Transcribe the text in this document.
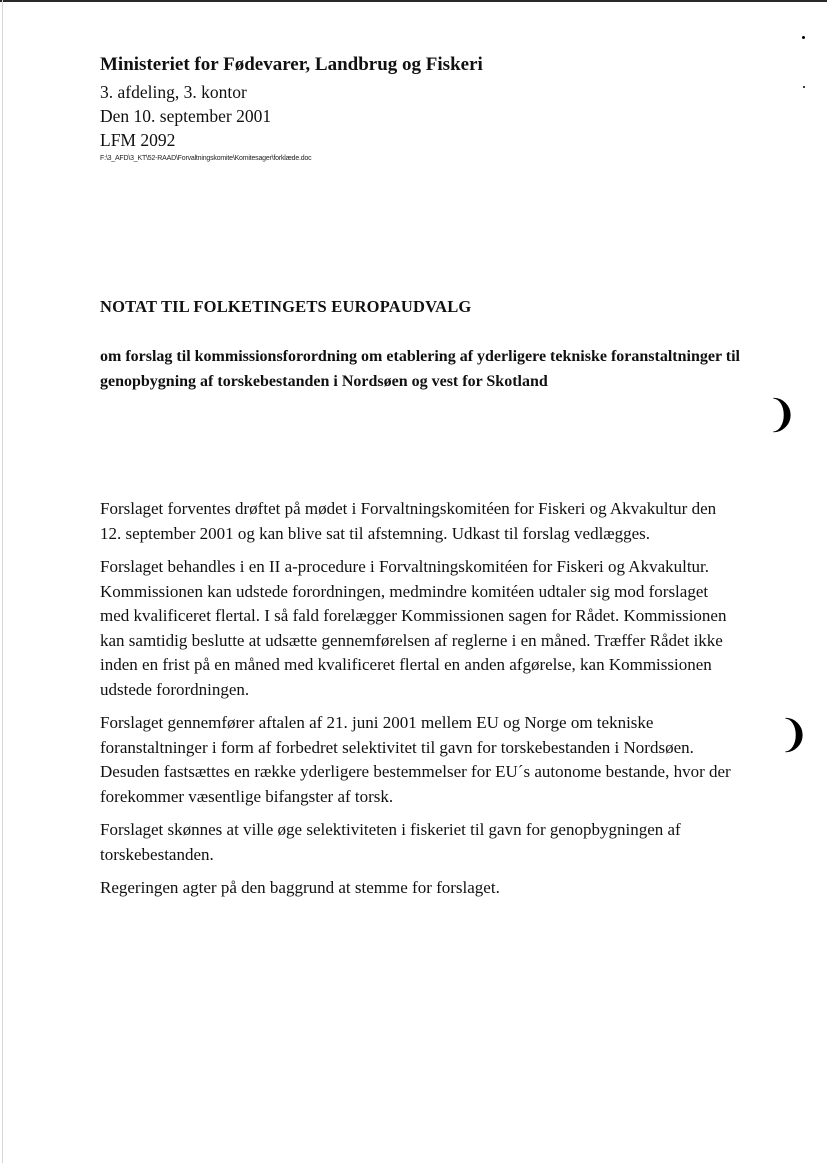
Ministeriet for Fødevarer, Landbrug og Fiskeri
3. afdeling, 3. kontor
Den 10. september 2001
LFM 2092
F:\3_AFD\3_KT\52-RAAD\Forvaltningskomite\Komitesager\forklæde.doc
NOTAT TIL FOLKETINGETS EUROPAUDVALG
om forslag til kommissionsforordning om etablering af yderligere tekniske foranstaltninger til genopbygning af torskebestanden i Nordsøen og vest for Skotland

Forslaget forventes drøftet på mødet i Forvaltningskomitéen for Fiskeri og Akvakultur den 12. september 2001 og kan blive sat til afstemning. Udkast til forslag vedlægges.

Forslaget behandles i en II a-procedure i Forvaltningskomitéen for Fiskeri og Akvakultur. Kommissionen kan udstede forordningen, medmindre komitéen udtaler sig mod forslaget med kvalificeret flertal. I så fald forelægger Kommissionen sagen for Rådet. Kommissionen kan samtidig beslutte at udsætte gennemførelsen af reglerne i en måned. Træffer Rådet ikke inden en frist på en måned med kvalificeret flertal en anden afgørelse, kan Kommissionen udstede forordningen.

Forslaget gennemfører aftalen af 21. juni 2001 mellem EU og Norge om tekniske foranstaltninger i form af forbedret selektivitet til gavn for torskebestanden i Nordsøen. Desuden fastsættes en række yderligere bestemmelser for EU´s autonome bestande, hvor der forekommer væsentlige bifangster af torsk.

Forslaget skønnes at ville øge selektiviteten i fiskeriet til gavn for genopbygningen af torskebestanden.

Regeringen agter på den baggrund at stemme for forslaget.

❩
❩
